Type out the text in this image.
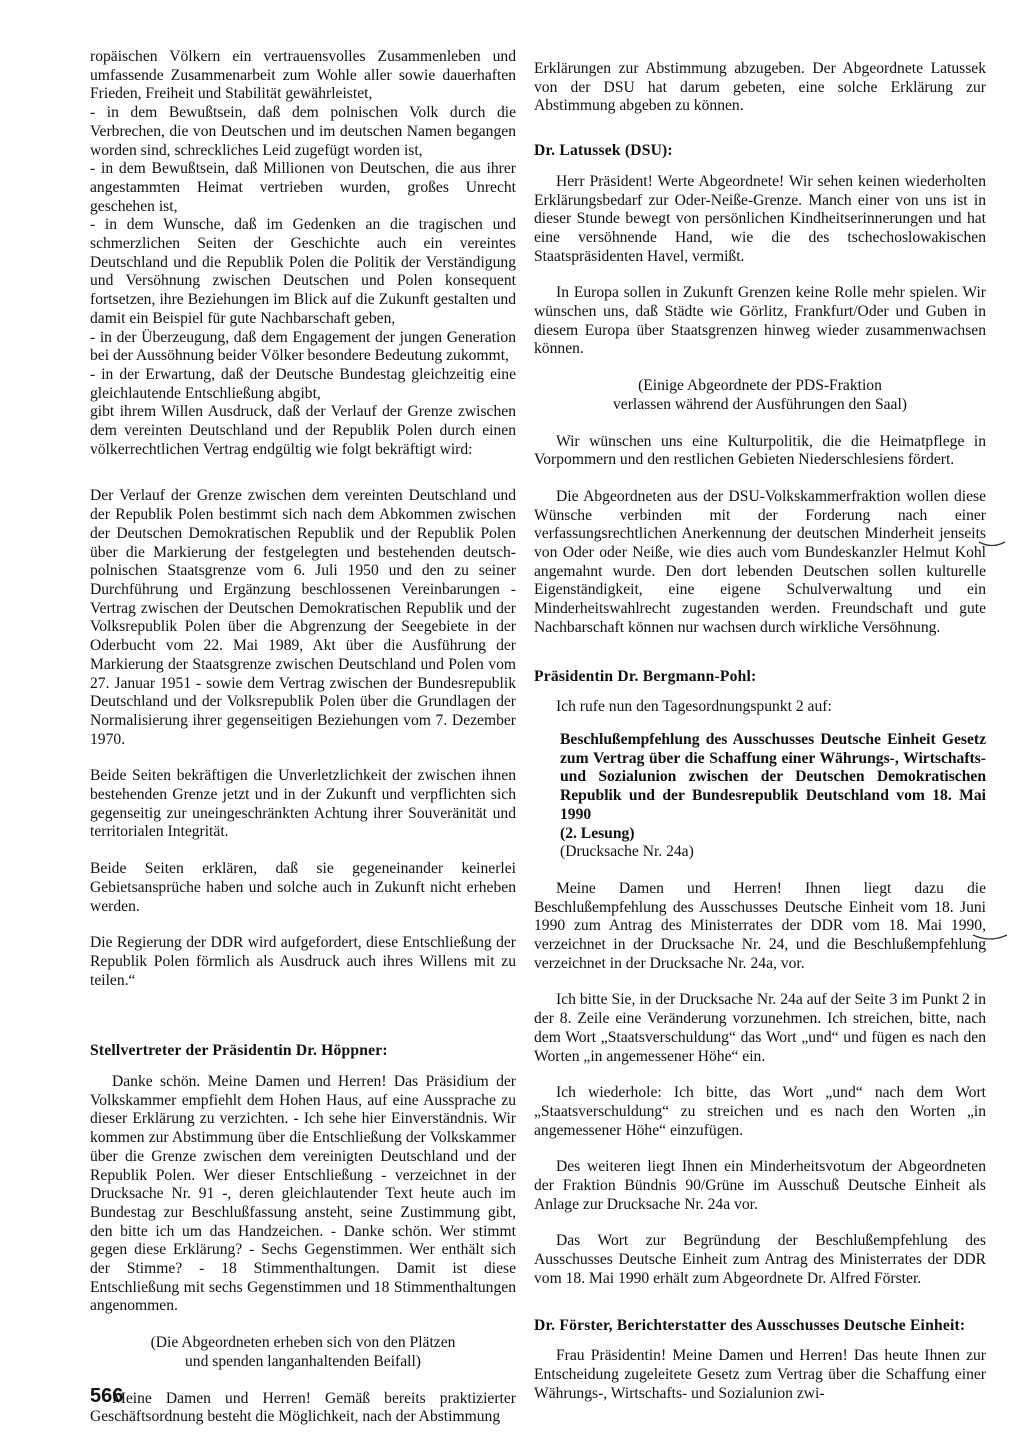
ropäischen Völkern ein vertrauensvolles Zusammenleben und umfassende Zusammenarbeit zum Wohle aller sowie dauerhaften Frieden, Freiheit und Stabilität gewährleistet,

- in dem Bewußtsein, daß dem polnischen Volk durch die Verbrechen, die von Deutschen und im deutschen Namen begangen worden sind, schreckliches Leid zugefügt worden ist,

- in dem Bewußtsein, daß Millionen von Deutschen, die aus ihrer angestammten Heimat vertrieben wurden, großes Unrecht geschehen ist,

- in dem Wunsche, daß im Gedenken an die tragischen und schmerzlichen Seiten der Geschichte auch ein vereintes Deutschland und die Republik Polen die Politik der Verständigung und Versöhnung zwischen Deutschen und Polen konsequent fortsetzen, ihre Beziehungen im Blick auf die Zukunft gestalten und damit ein Beispiel für gute Nachbarschaft geben,

- in der Überzeugung, daß dem Engagement der jungen Generation bei der Aussöhnung beider Völker besondere Bedeutung zukommt,

- in der Erwartung, daß der Deutsche Bundestag gleichzeitig eine gleichlautende Entschließung abgibt,

gibt ihrem Willen Ausdruck, daß der Verlauf der Grenze zwischen dem vereinten Deutschland und der Republik Polen durch einen völkerrechtlichen Vertrag endgültig wie folgt bekräftigt wird:

Der Verlauf der Grenze zwischen dem vereinten Deutschland und der Republik Polen bestimmt sich nach dem Abkommen zwischen der Deutschen Demokratischen Republik und der Republik Polen über die Markierung der festgelegten und bestehenden deutsch-polnischen Staatsgrenze vom 6. Juli 1950 und den zu seiner Durchführung und Ergänzung beschlossenen Vereinbarungen - Vertrag zwischen der Deutschen Demokratischen Republik und der Volksrepublik Polen über die Abgrenzung der Seegebiete in der Oderbucht vom 22. Mai 1989, Akt über die Ausführung der Markierung der Staatsgrenze zwischen Deutschland und Polen vom 27. Januar 1951 - sowie dem Vertrag zwischen der Bundesrepublik Deutschland und der Volksrepublik Polen über die Grundlagen der Normalisierung ihrer gegenseitigen Beziehungen vom 7. Dezember 1970.

Beide Seiten bekräftigen die Unverletzlichkeit der zwischen ihnen bestehenden Grenze jetzt und in der Zukunft und verpflichten sich gegenseitig zur uneingeschränkten Achtung ihrer Souveränität und territorialen Integrität.

Beide Seiten erklären, daß sie gegeneinander keinerlei Gebietsansprüche haben und solche auch in Zukunft nicht erheben werden.

Die Regierung der DDR wird aufgefordert, diese Entschließung der Republik Polen förmlich als Ausdruck auch ihres Willens mit zu teilen.“

Stellvertreter der Präsidentin Dr. Höppner:

Danke schön. Meine Damen und Herren! Das Präsidium der Volkskammer empfiehlt dem Hohen Haus, auf eine Aussprache zu dieser Erklärung zu verzichten. - Ich sehe hier Einverständnis. Wir kommen zur Abstimmung über die Entschließung der Volkskammer über die Grenze zwischen dem vereinigten Deutschland und der Republik Polen. Wer dieser Entschließung - verzeichnet in der Drucksache Nr. 91 -, deren gleichlautender Text heute auch im Bundestag zur Beschlußfassung ansteht, seine Zustimmung gibt, den bitte ich um das Handzeichen. - Danke schön. Wer stimmt gegen diese Erklärung? - Sechs Gegenstimmen. Wer enthält sich der Stimme? - 18 Stimmenthaltungen. Damit ist diese Entschließung mit sechs Gegenstimmen und 18 Stimmenthaltungen angenommen.

(Die Abgeordneten erheben sich von den Plätzen

und spenden langanhaltenden Beifall)

Meine Damen und Herren! Gemäß bereits praktizierter Geschäftsordnung besteht die Möglichkeit, nach der Abstimmung

Erklärungen zur Abstimmung abzugeben. Der Abgeordnete Latussek von der DSU hat darum gebeten, eine solche Erklärung zur Abstimmung abgeben zu können.

Dr. Latussek (DSU):

Herr Präsident! Werte Abgeordnete! Wir sehen keinen wiederholten Erklärungsbedarf zur Oder-Neiße-Grenze. Manch einer von uns ist in dieser Stunde bewegt von persönlichen Kindheitserinnerungen und hat eine versöhnende Hand, wie die des tschechoslowakischen Staatspräsidenten Havel, vermißt.

In Europa sollen in Zukunft Grenzen keine Rolle mehr spielen. Wir wünschen uns, daß Städte wie Görlitz, Frankfurt/Oder und Guben in diesem Europa über Staatsgrenzen hinweg wieder zusammenwachsen können.

(Einige Abgeordnete der PDS-Fraktion

verlassen während der Ausführungen den Saal)

Wir wünschen uns eine Kulturpolitik, die die Heimatpflege in Vorpommern und den restlichen Gebieten Niederschlesiens fördert.

Die Abgeordneten aus der DSU-Volkskammerfraktion wollen diese Wünsche verbinden mit der Forderung nach einer verfassungsrechtlichen Anerkennung der deutschen Minderheit jenseits von Oder oder Neiße, wie dies auch vom Bundeskanzler Helmut Kohl angemahnt wurde. Den dort lebenden Deutschen sollen kulturelle Eigenständigkeit, eine eigene Schulverwaltung und ein Minderheitswahlrecht zugestanden werden. Freundschaft und gute Nachbarschaft können nur wachsen durch wirkliche Versöhnung.

Präsidentin Dr. Bergmann-Pohl:

Ich rufe nun den Tagesordnungspunkt 2 auf:

Beschlußempfehlung des Ausschusses Deutsche Einheit Gesetz zum Vertrag über die Schaffung einer Währungs-, Wirtschafts- und Sozialunion zwischen der Deutschen Demokratischen Republik und der Bundesrepublik Deutschland vom 18. Mai 1990

(2. Lesung)

(Drucksache Nr. 24a)

Meine Damen und Herren! Ihnen liegt dazu die Beschlußempfehlung des Ausschusses Deutsche Einheit vom 18. Juni 1990 zum Antrag des Ministerrates der DDR vom 18. Mai 1990, verzeichnet in der Drucksache Nr. 24, und die Beschlußempfehlung verzeichnet in der Drucksache Nr. 24a, vor.

Ich bitte Sie, in der Drucksache Nr. 24a auf der Seite 3 im Punkt 2 in der 8. Zeile eine Veränderung vorzunehmen. Ich streichen, bitte, nach dem Wort „Staatsverschuldung“ das Wort „und“ und fügen es nach den Worten „in angemessener Höhe“ ein.

Ich wiederhole: Ich bitte, das Wort „und“ nach dem Wort „Staatsverschuldung“ zu streichen und es nach den Worten „in angemessener Höhe“ einzufügen.

Des weiteren liegt Ihnen ein Minderheitsvotum der Abgeordneten der Fraktion Bündnis 90/Grüne im Ausschuß Deutsche Einheit als Anlage zur Drucksache Nr. 24a vor.

Das Wort zur Begründung der Beschlußempfehlung des Ausschusses Deutsche Einheit zum Antrag des Ministerrates der DDR vom 18. Mai 1990 erhält zum Abgeordnete Dr. Alfred Förster.

Dr. Förster, Berichterstatter des Ausschusses Deutsche Einheit:

Frau Präsidentin! Meine Damen und Herren! Das heute Ihnen zur Entscheidung zugeleitete Gesetz zum Vertrag über die Schaffung einer Währungs-, Wirtschafts- und Sozialunion zwi-

566
